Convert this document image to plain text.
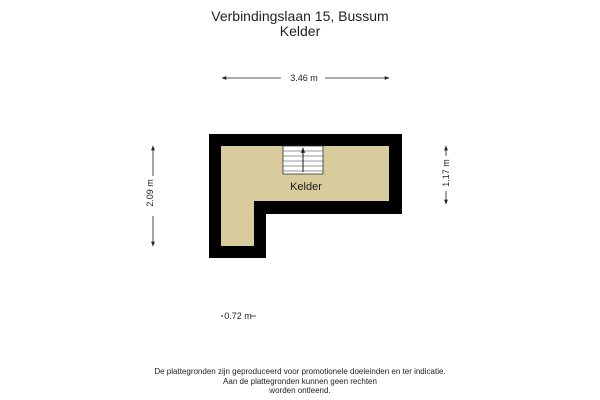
Verbindingslaan 15, Bussum
Kelder
Kelder
3.46 m
2.09 m
1.17 m
0.72 m
De plattegronden zijn geproduceerd voor promotionele doeleinden en ter indicatie.
Aan de plattegronden kunnen geen rechten
worden ontleend.
